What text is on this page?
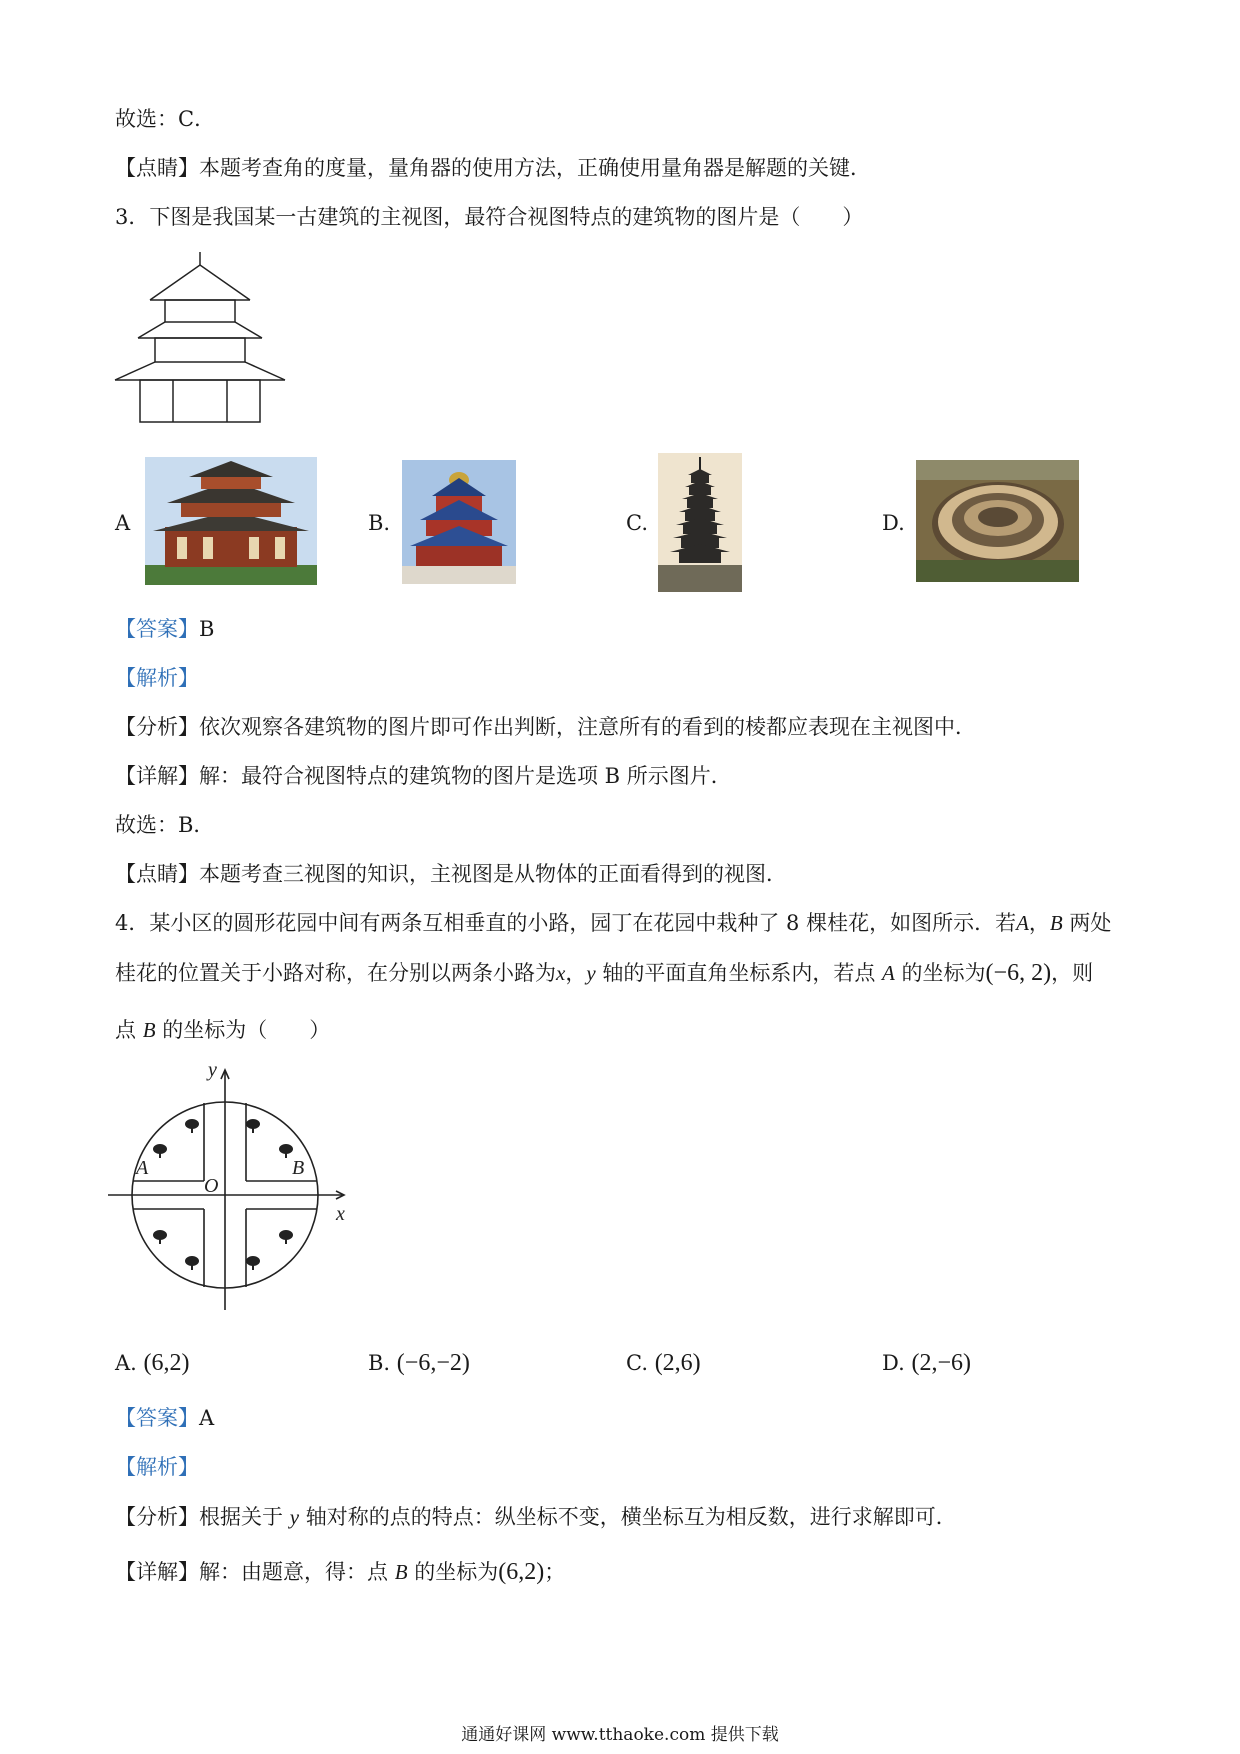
故选：C．
【点睛】本题考查角的度量，量角器的使用方法，正确使用量角器是解题的关键．
3．下图是我国某一古建筑的主视图，最符合视图特点的建筑物的图片是（　　）
A	B.	C.	D.
【答案】B
【解析】
【分析】依次观察各建筑物的图片即可作出判断，注意所有的看到的棱都应表现在主视图中．
【详解】解：最符合视图特点的建筑物的图片是选项 B 所示图片．
故选：B．
【点睛】本题考查三视图的知识，主视图是从物体的正面看得到的视图．
4．某小区的圆形花园中间有两条互相垂直的小路，园丁在花园中栽种了 8 棵桂花，如图所示．若A，B 两处
桂花的位置关于小路对称，在分别以两条小路为x，y 轴的平面直角坐标系内，若点 A 的坐标为(−6, 2)，则
点 B 的坐标为（　　）
y
x
O
A	B
A. (6,2)	B. (−6,−2)	C. (2,6)	D. (2,−6)
【答案】A
【解析】
【分析】根据关于 y 轴对称的点的特点：纵坐标不变，横坐标互为相反数，进行求解即可．
【详解】解：由题意，得：点 B 的坐标为(6,2)；
通通好课网 www.tthaoke.com 提供下载
